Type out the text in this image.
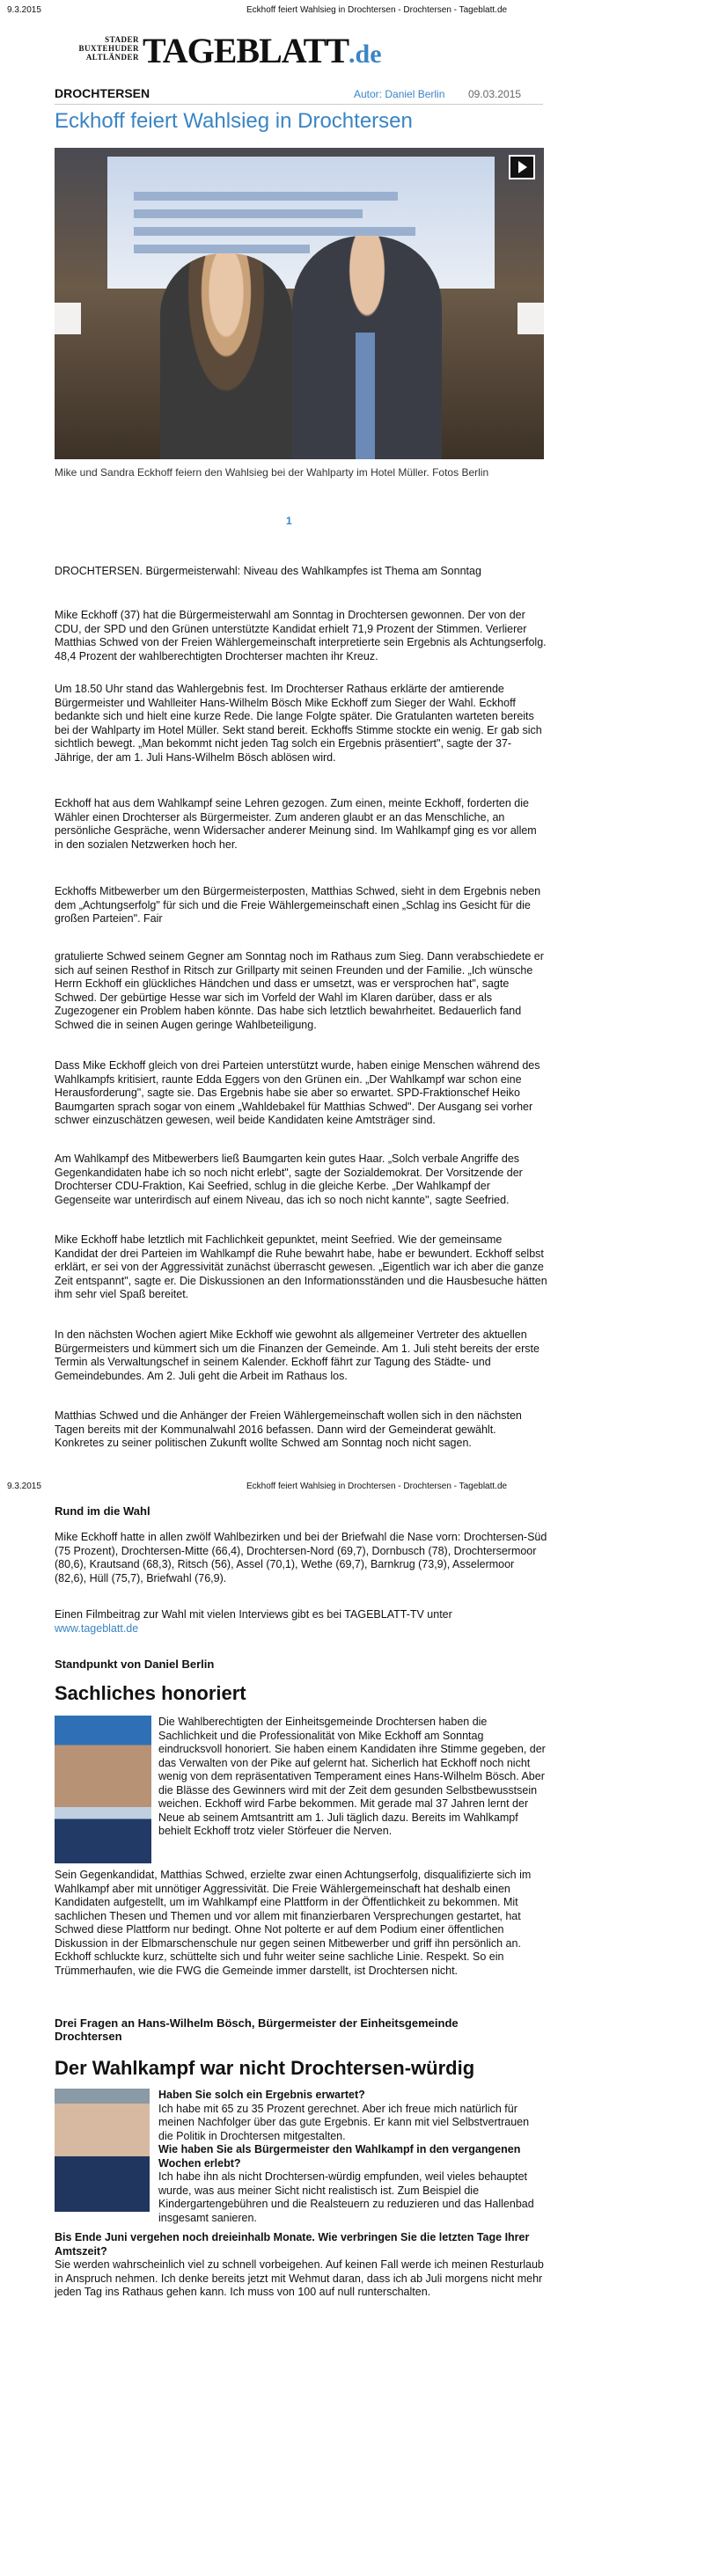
9.3.2015	Eckhoff feiert Wahlsieg in Drochtersen - Drochtersen - Tageblatt.de
STADER
BUXTEHUDER
ALTLÄNDER TAGEBLATT.de
DROCHTERSEN	Autor: Daniel Berlin 09.03.2015
Eckhoff feiert Wahlsieg in Drochtersen
Mike und Sandra Eckhoff feiern den Wahlsieg bei der Wahlparty im Hotel Müller. Fotos Berlin
1

DROCHTERSEN. Bürgermeisterwahl: Niveau des Wahlkampfes ist Thema am Sonntag

Mike Eckhoff (37) hat die Bürgermeisterwahl am Sonntag in Drochtersen gewonnen. Der von der CDU, der SPD und den Grünen unterstützte Kandidat erhielt 71,9 Prozent der Stimmen. Verlierer Matthias Schwed von der Freien Wählergemeinschaft interpretierte sein Ergebnis als Achtungserfolg. 48,4 Prozent der wahlberechtigten Drochterser machten ihr Kreuz.

Um 18.50 Uhr stand das Wahlergebnis fest. Im Drochterser Rathaus erklärte der amtierende Bürgermeister und Wahlleiter Hans-Wilhelm Bösch Mike Eckhoff zum Sieger der Wahl. Eckhoff bedankte sich und hielt eine kurze Rede. Die lange Folgte später. Die Gratulanten warteten bereits bei der Wahlparty im Hotel Müller. Sekt stand bereit. Eckhoffs Stimme stockte ein wenig. Er gab sich sichtlich bewegt. „Man bekommt nicht jeden Tag solch ein Ergebnis präsentiert", sagte der 37-Jährige, der am 1. Juli Hans-Wilhelm Bösch ablösen wird.

Eckhoff hat aus dem Wahlkampf seine Lehren gezogen. Zum einen, meinte Eckhoff, forderten die Wähler einen Drochterser als Bürgermeister. Zum anderen glaubt er an das Menschliche, an persönliche Gespräche, wenn Widersacher anderer Meinung sind. Im Wahlkampf ging es vor allem in den sozialen Netzwerken hoch her.

Eckhoffs Mitbewerber um den Bürgermeisterposten, Matthias Schwed, sieht in dem Ergebnis neben dem „Achtungserfolg" für sich und die Freie Wählergemeinschaft einen „Schlag ins Gesicht für die großen Parteien". Fair

gratulierte Schwed seinem Gegner am Sonntag noch im Rathaus zum Sieg. Dann verabschiedete er sich auf seinen Resthof in Ritsch zur Grillparty mit seinen Freunden und der Familie. „Ich wünsche Herrn Eckhoff ein glückliches Händchen und dass er umsetzt, was er versprochen hat", sagte Schwed. Der gebürtige Hesse war sich im Vorfeld der Wahl im Klaren darüber, dass er als Zugezogener ein Problem haben könnte. Das habe sich letztlich bewahrheitet. Bedauerlich fand Schwed die in seinen Augen geringe Wahlbeteiligung.

Dass Mike Eckhoff gleich von drei Parteien unterstützt wurde, haben einige Menschen während des Wahlkampfs kritisiert, raunte Edda Eggers von den Grünen ein. „Der Wahlkampf war schon eine Herausforderung", sagte sie. Das Ergebnis habe sie aber so erwartet. SPD-Fraktionschef Heiko Baumgarten sprach sogar von einem „Wahldebakel für Matthias Schwed". Der Ausgang sei vorher schwer einzuschätzen gewesen, weil beide Kandidaten keine Amtsträger sind.

Am Wahlkampf des Mitbewerbers ließ Baumgarten kein gutes Haar. „Solch verbale Angriffe des Gegenkandidaten habe ich so noch nicht erlebt", sagte der Sozialdemokrat. Der Vorsitzende der Drochterser CDU-Fraktion, Kai Seefried, schlug in die gleiche Kerbe. „Der Wahlkampf der Gegenseite war unterirdisch auf einem Niveau, das ich so noch nicht kannte", sagte Seefried.

Mike Eckhoff habe letztlich mit Fachlichkeit gepunktet, meint Seefried. Wie der gemeinsame Kandidat der drei Parteien im Wahlkampf die Ruhe bewahrt habe, habe er bewundert. Eckhoff selbst erklärt, er sei von der Aggressivität zunächst überrascht gewesen. „Eigentlich war ich aber die ganze Zeit entspannt", sagte er. Die Diskussionen an den Informationsständen und die Hausbesuche hätten ihm sehr viel Spaß bereitet.

In den nächsten Wochen agiert Mike Eckhoff wie gewohnt als allgemeiner Vertreter des aktuellen Bürgermeisters und kümmert sich um die Finanzen der Gemeinde. Am 1. Juli steht bereits der erste Termin als Verwaltungschef in seinem Kalender. Eckhoff fährt zur Tagung des Städte- und Gemeindebundes. Am 2. Juli geht die Arbeit im Rathaus los.

Matthias Schwed und die Anhänger der Freien Wählergemeinschaft wollen sich in den nächsten Tagen bereits mit der Kommunalwahl 2016 befassen. Dann wird der Gemeinderat gewählt. Konkretes zu seiner politischen Zukunft wollte Schwed am Sonntag noch nicht sagen.

9.3.2015	Eckhoff feiert Wahlsieg in Drochtersen - Drochtersen - Tageblatt.de
Rund im die Wahl
Mike Eckhoff hatte in allen zwölf Wahlbezirken und bei der Briefwahl die Nase vorn: Drochtersen-Süd (75 Prozent), Drochtersen-Mitte (66,4), Drochtersen-Nord (69,7), Dornbusch (78), Drochtersermoor (80,6), Krautsand (68,3), Ritsch (56), Assel (70,1), Wethe (69,7), Barnkrug (73,9), Asselermoor (82,6), Hüll (75,7), Briefwahl (76,9).
Einen Filmbeitrag zur Wahl mit vielen Interviews gibt es bei TAGEBLATT-TV unter
www.tageblatt.de
Standpunkt von Daniel Berlin
Sachliches honoriert
Die Wahlberechtigten der Einheitsgemeinde Drochtersen haben die Sachlichkeit und die Professionalität von Mike Eckhoff am Sonntag eindrucksvoll honoriert. Sie haben einem Kandidaten ihre Stimme gegeben, der das Verwalten von der Pike auf gelernt hat. Sicherlich hat Eckhoff noch nicht wenig von dem repräsentativen Temperament eines Hans-Wilhelm Bösch. Aber die Blässe des Gewinners wird mit der Zeit dem gesunden Selbstbewusstsein weichen. Eckhoff wird Farbe bekommen. Mit gerade mal 37 Jahren lernt der Neue ab seinem Amtsantritt am 1. Juli täglich dazu. Bereits im Wahlkampf behielt Eckhoff trotz vieler Störfeuer die Nerven.
Sein Gegenkandidat, Matthias Schwed, erzielte zwar einen Achtungserfolg, disqualifizierte sich im Wahlkampf aber mit unnötiger Aggressivität. Die Freie Wählergemeinschaft hat deshalb einen Kandidaten aufgestellt, um im Wahlkampf eine Plattform in der Öffentlichkeit zu bekommen. Mit sachlichen Thesen und Themen und vor allem mit finanzierbaren Versprechungen gestartet, hat Schwed diese Plattform nur bedingt. Ohne Not polterte er auf dem Podium einer öffentlichen Diskussion in der Elbmarschenschule nur gegen seinen Mitbewerber und griff ihn persönlich an. Eckhoff schluckte kurz, schüttelte sich und fuhr weiter seine sachliche Linie. Respekt. So ein Trümmerhaufen, wie die FWG die Gemeinde immer darstellt, ist Drochtersen nicht.
Drei Fragen an Hans-Wilhelm Bösch, Bürgermeister der Einheitsgemeinde Drochtersen
Der Wahlkampf war nicht Drochtersen-würdig
Haben Sie solch ein Ergebnis erwartet?
Ich habe mit 65 zu 35 Prozent gerechnet. Aber ich freue mich natürlich für meinen Nachfolger über das gute Ergebnis. Er kann mit viel Selbstvertrauen die Politik in Drochtersen mitgestalten.
Wie haben Sie als Bürgermeister den Wahlkampf in den vergangenen Wochen erlebt?
Ich habe ihn als nicht Drochtersen-würdig empfunden, weil vieles behauptet wurde, was aus meiner Sicht nicht realistisch ist. Zum Beispiel die Kindergartengebühren und die Realsteuern zu reduzieren und das Hallenbad insgesamt sanieren.
Bis Ende Juni vergehen noch dreieinhalb Monate. Wie verbringen Sie die letzten Tage Ihrer Amtszeit?
Sie werden wahrscheinlich viel zu schnell vorbeigehen. Auf keinen Fall werde ich meinen Resturlaub in Anspruch nehmen. Ich denke bereits jetzt mit Wehmut daran, dass ich ab Juli morgens nicht mehr jeden Tag ins Rathaus gehen kann. Ich muss von 100 auf null runterschalten.
